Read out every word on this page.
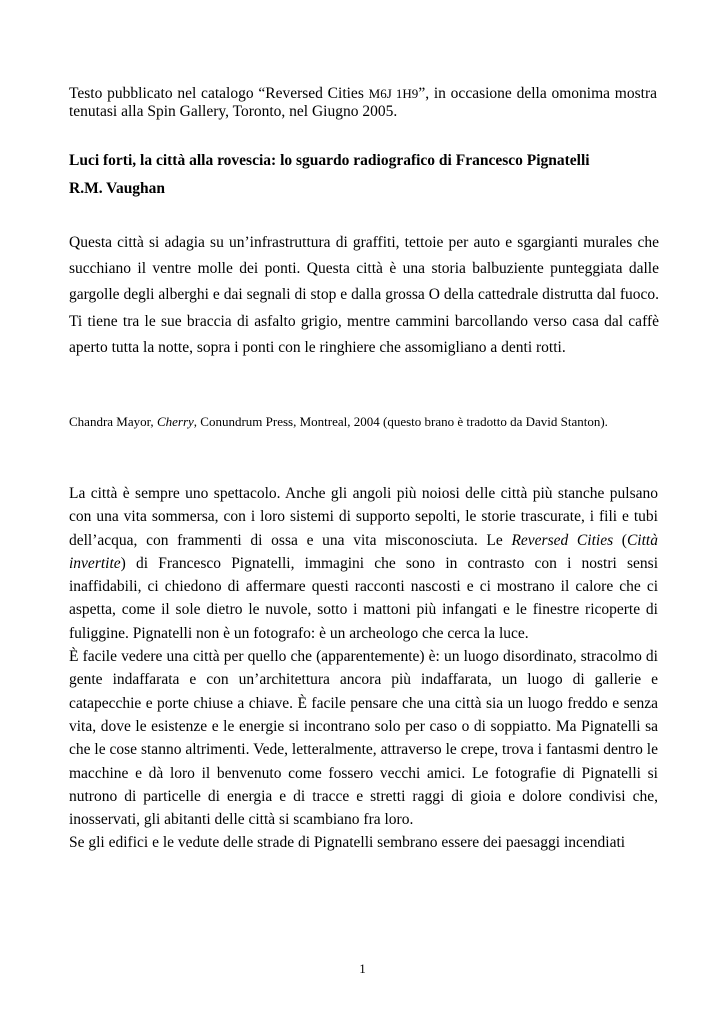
Testo pubblicato nel catalogo “Reversed Cities M6J 1H9”, in occasione della omonima mostra tenutasi alla Spin Gallery, Toronto, nel Giugno 2005.
Luci forti, la città alla rovescia: lo sguardo radiografico di Francesco Pignatelli
R.M. Vaughan
Questa città si adagia su un’infrastruttura di graffiti, tettoie per auto e sgargianti murales che succhiano il ventre molle dei ponti. Questa città è una storia balbuziente punteggiata dalle gargolle degli alberghi e dai segnali di stop e dalla grossa O della cattedrale distrutta dal fuoco. Ti tiene tra le sue braccia di asfalto grigio, mentre cammini barcollando verso casa dal caffè aperto tutta la notte, sopra i ponti con le ringhiere che assomigliano a denti rotti.
Chandra Mayor, Cherry, Conundrum Press, Montreal, 2004 (questo brano è tradotto da David Stanton).

La città è sempre uno spettacolo. Anche gli angoli più noiosi delle città più stanche pulsano con una vita sommersa, con i loro sistemi di supporto sepolti, le storie trascurate, i fili e tubi dell’acqua, con frammenti di ossa e una vita misconosciuta. Le Reversed Cities (Città invertite) di Francesco Pignatelli, immagini che sono in contrasto con i nostri sensi inaffidabili, ci chiedono di affermare questi racconti nascosti e ci mostrano il calore che ci aspetta, come il sole dietro le nuvole, sotto i mattoni più infangati e le finestre ricoperte di fuliggine. Pignatelli non è un fotografo: è un archeologo che cerca la luce.

È facile vedere una città per quello che (apparentemente) è: un luogo disordinato, stracolmo di gente indaffarata e con un’architettura ancora più indaffarata, un luogo di gallerie e catapecchie e porte chiuse a chiave. È facile pensare che una città sia un luogo freddo e senza vita, dove le esistenze e le energie si incontrano solo per caso o di soppiatto. Ma Pignatelli sa che le cose stanno altrimenti. Vede, letteralmente, attraverso le crepe, trova i fantasmi dentro le macchine e dà loro il benvenuto come fossero vecchi amici. Le fotografie di Pignatelli si nutrono di particelle di energia e di tracce e stretti raggi di gioia e dolore condivisi che, inosservati, gli abitanti delle città si scambiano fra loro.

Se gli edifici e le vedute delle strade di Pignatelli sembrano essere dei paesaggi incendiati

1
